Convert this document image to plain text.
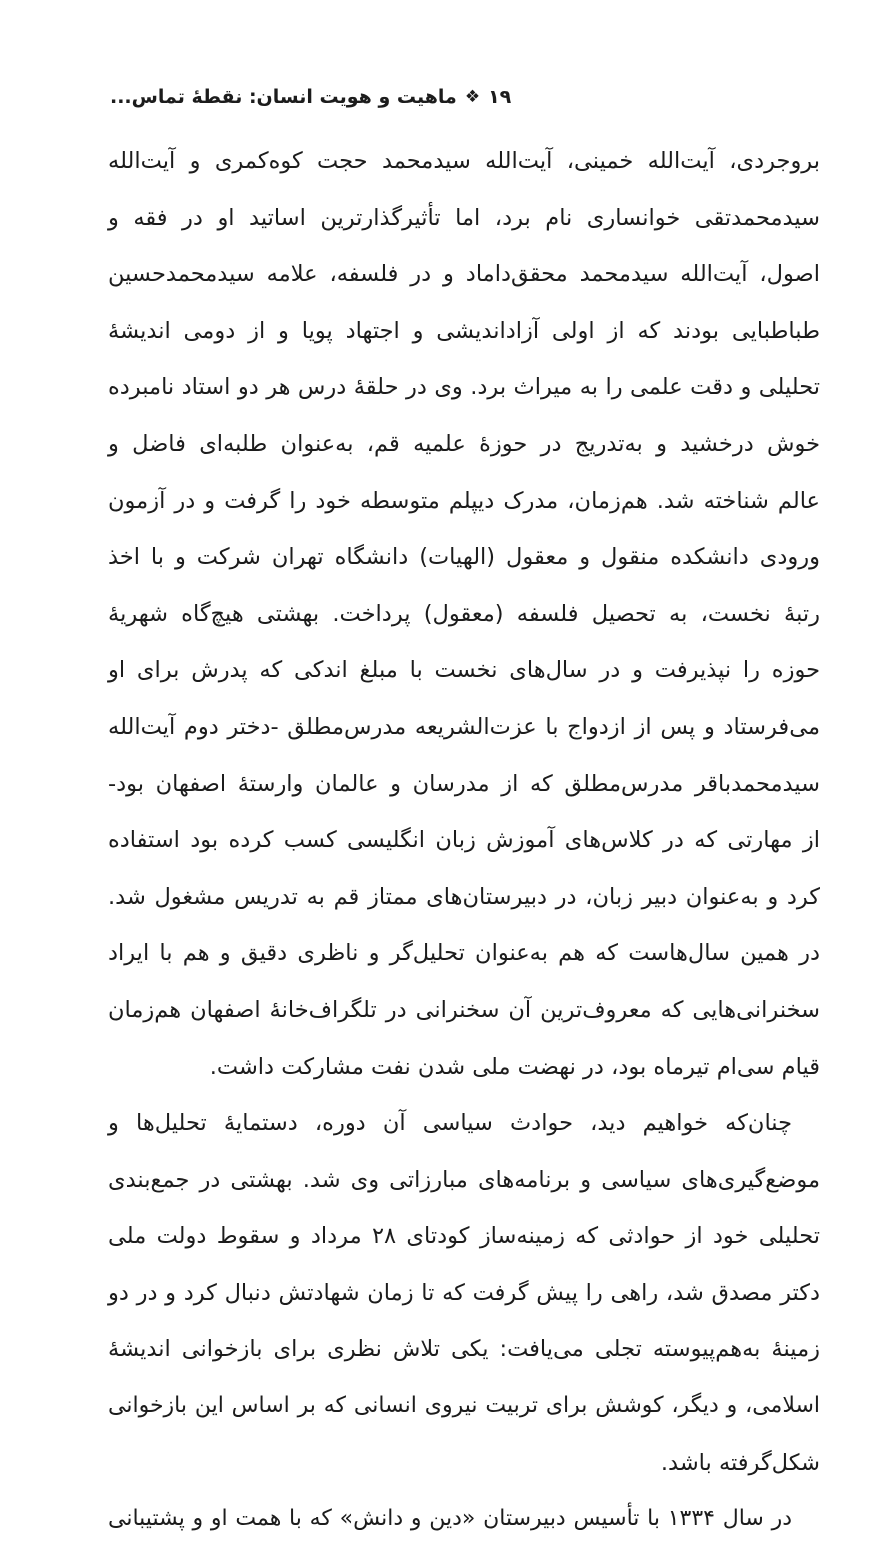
ماهیت و هویت انسان: نقطهٔ تماس... ❖ ۱۹
بروجردی، آیت‌الله خمینی، آیت‌الله سیدمحمد حجت کوه‌کمری و آیت‌الله
سیدمحمدتقی خوانساری نام برد، اما تأثیرگذارترین اساتید او در فقه و
اصول، آیت‌الله سیدمحمد محقق‌داماد و در فلسفه، علامه سیدمحمدحسین
طباطبایی بودند که از اولی آزاداندیشی و اجتهاد پویا و از دومی اندیشهٔ
تحلیلی و دقت علمی را به میراث برد. وی در حلقهٔ درس هر دو استاد نامبرده
خوش درخشید و به‌تدریج در حوزهٔ علمیه قم، به‌عنوان طلبه‌ای فاضل و
عالم شناخته شد. هم‌زمان، مدرک دیپلم متوسطه خود را گرفت و در آزمون
ورودی دانشکده منقول و معقول (الهیات) دانشگاه تهران شرکت و با اخذ
رتبهٔ نخست، به تحصیل فلسفه (معقول) پرداخت. بهشتی هیچ‌گاه شهریهٔ
حوزه را نپذیرفت و در سال‌های نخست با مبلغ اندکی که پدرش برای او
می‌فرستاد و پس از ازدواج با عزت‌الشریعه مدرس‌مطلق -دختر دوم آیت‌الله
سیدمحمدباقر مدرس‌مطلق که از مدرسان و عالمان وارستهٔ اصفهان بود-
از مهارتی که در کلاس‌های آموزش زبان انگلیسی کسب کرده بود استفاده
کرد و به‌عنوان دبیر زبان، در دبیرستان‌های ممتاز قم به تدریس مشغول شد.
در همین سال‌هاست که هم به‌عنوان تحلیل‌گر و ناظری دقیق و هم با ایراد
سخنرانی‌هایی که معروف‌ترین آن سخنرانی در تلگراف‌خانهٔ اصفهان هم‌زمان
قیام سی‌ام تیرماه بود، در نهضت ملی شدن نفت مشارکت داشت.
چنان‌که خواهیم دید، حوادث سیاسی آن دوره، دستمایهٔ تحلیل‌ها و
موضع‌گیری‌های سیاسی و برنامه‌های مبارزاتی وی شد. بهشتی در جمع‌بندی
تحلیلی خود از حوادثی که زمینه‌ساز کودتای ۲۸ مرداد و سقوط دولت ملی
دکتر مصدق شد، راهی را پیش گرفت که تا زمان شهادتش دنبال کرد و در دو
زمینهٔ به‌هم‌پیوسته تجلی می‌یافت: یکی تلاش نظری برای بازخوانی اندیشهٔ
اسلامی، و دیگر، کوشش برای تربیت نیروی انسانی که بر اساس این بازخوانی
شکل‌گرفته باشد.
در سال ۱۳۳۴ با تأسیس دبیرستان «دین و دانش» که با همت او و پشتیبانی
